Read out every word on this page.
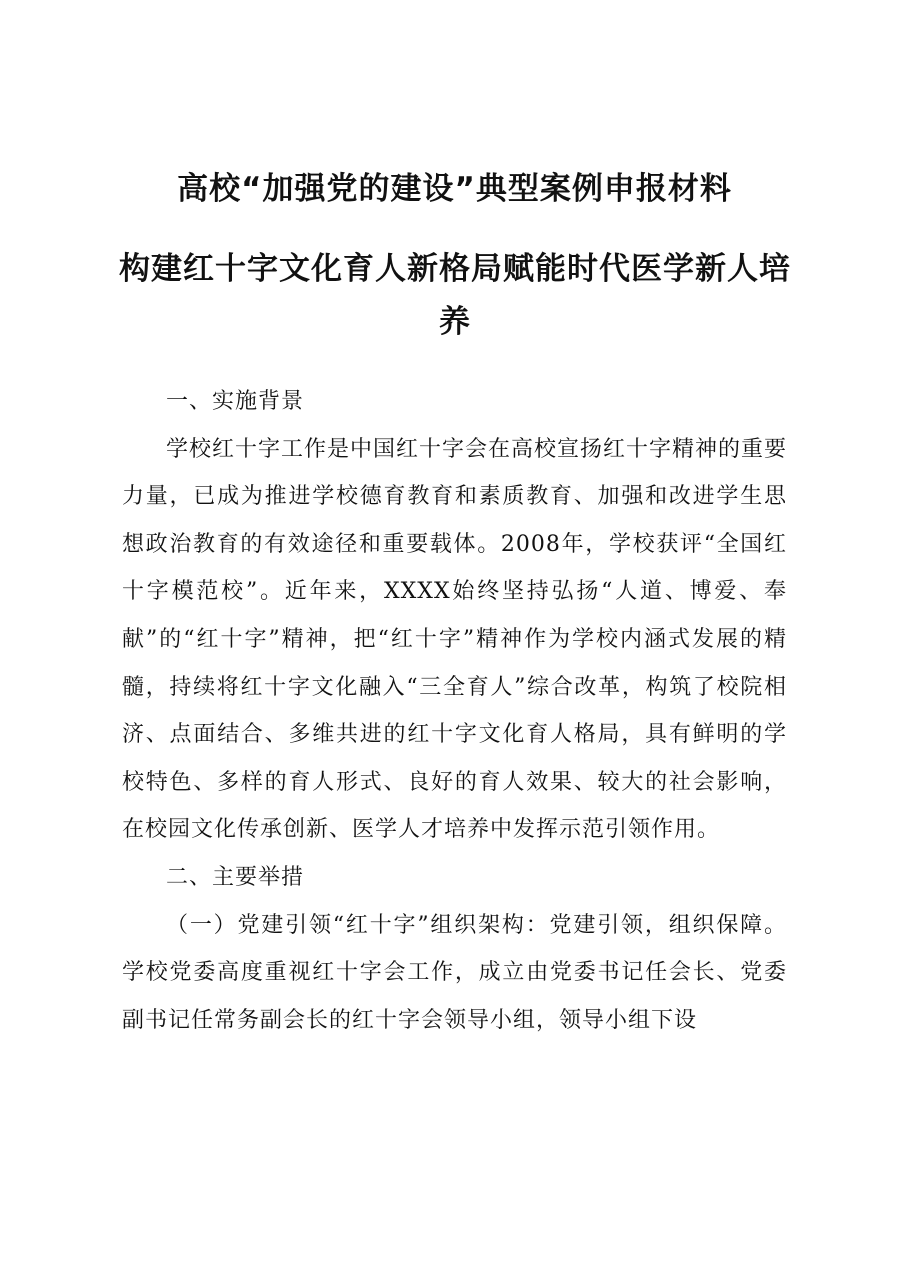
高校“加强党的建设”典型案例申报材料
构建红十字文化育人新格局赋能时代医学新人培养

一、实施背景

学校红十字工作是中国红十字会在高校宣扬红十字精神的重要力量，已成为推进学校德育教育和素质教育、加强和改进学生思想政治教育的有效途径和重要载体。2008年，学校获评“全国红十字模范校”。近年来，XXXX始终坚持弘扬“人道、博爱、奉献”的“红十字”精神，把“红十字”精神作为学校内涵式发展的精髓，持续将红十字文化融入“三全育人”综合改革，构筑了校院相济、点面结合、多维共进的红十字文化育人格局，具有鲜明的学校特色、多样的育人形式、良好的育人效果、较大的社会影响，在校园文化传承创新、医学人才培养中发挥示范引领作用。

二、主要举措

（一）党建引领“红十字”组织架构：党建引领，组织保障。学校党委高度重视红十字会工作，成立由党委书记任会长、党委副书记任常务副会长的红十字会领导小组，领导小组下设
